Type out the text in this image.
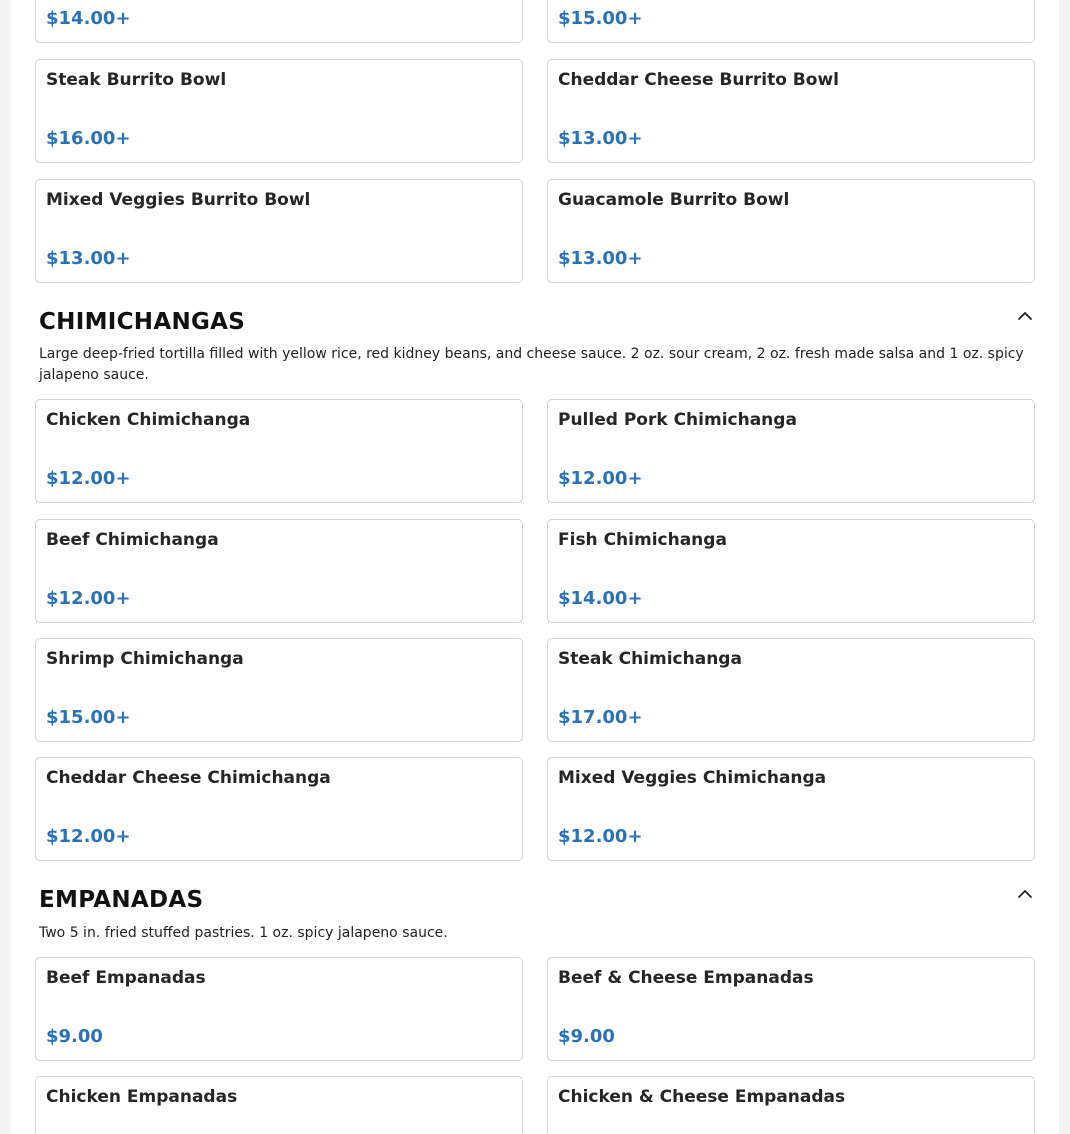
$14.00+	$15.00+
Steak Burrito Bowl
$16.00+
Cheddar Cheese Burrito Bowl
$13.00+
Mixed Veggies Burrito Bowl
$13.00+
Guacamole Burrito Bowl
$13.00+
CHIMICHANGAS
Large deep-fried tortilla filled with yellow rice, red kidney beans, and cheese sauce. 2 oz. sour cream, 2 oz. fresh made salsa and 1 oz. spicy jalapeno sauce.
Chicken Chimichanga
$12.00+
Pulled Pork Chimichanga
$12.00+
Beef Chimichanga
$12.00+
Fish Chimichanga
$14.00+
Shrimp Chimichanga
$15.00+
Steak Chimichanga
$17.00+
Cheddar Cheese Chimichanga
$12.00+
Mixed Veggies Chimichanga
$12.00+
EMPANADAS
Two 5 in. fried stuffed pastries. 1 oz. spicy jalapeno sauce.
Beef Empanadas
$9.00
Beef & Cheese Empanadas
$9.00
Chicken Empanadas	Chicken & Cheese Empanadas
